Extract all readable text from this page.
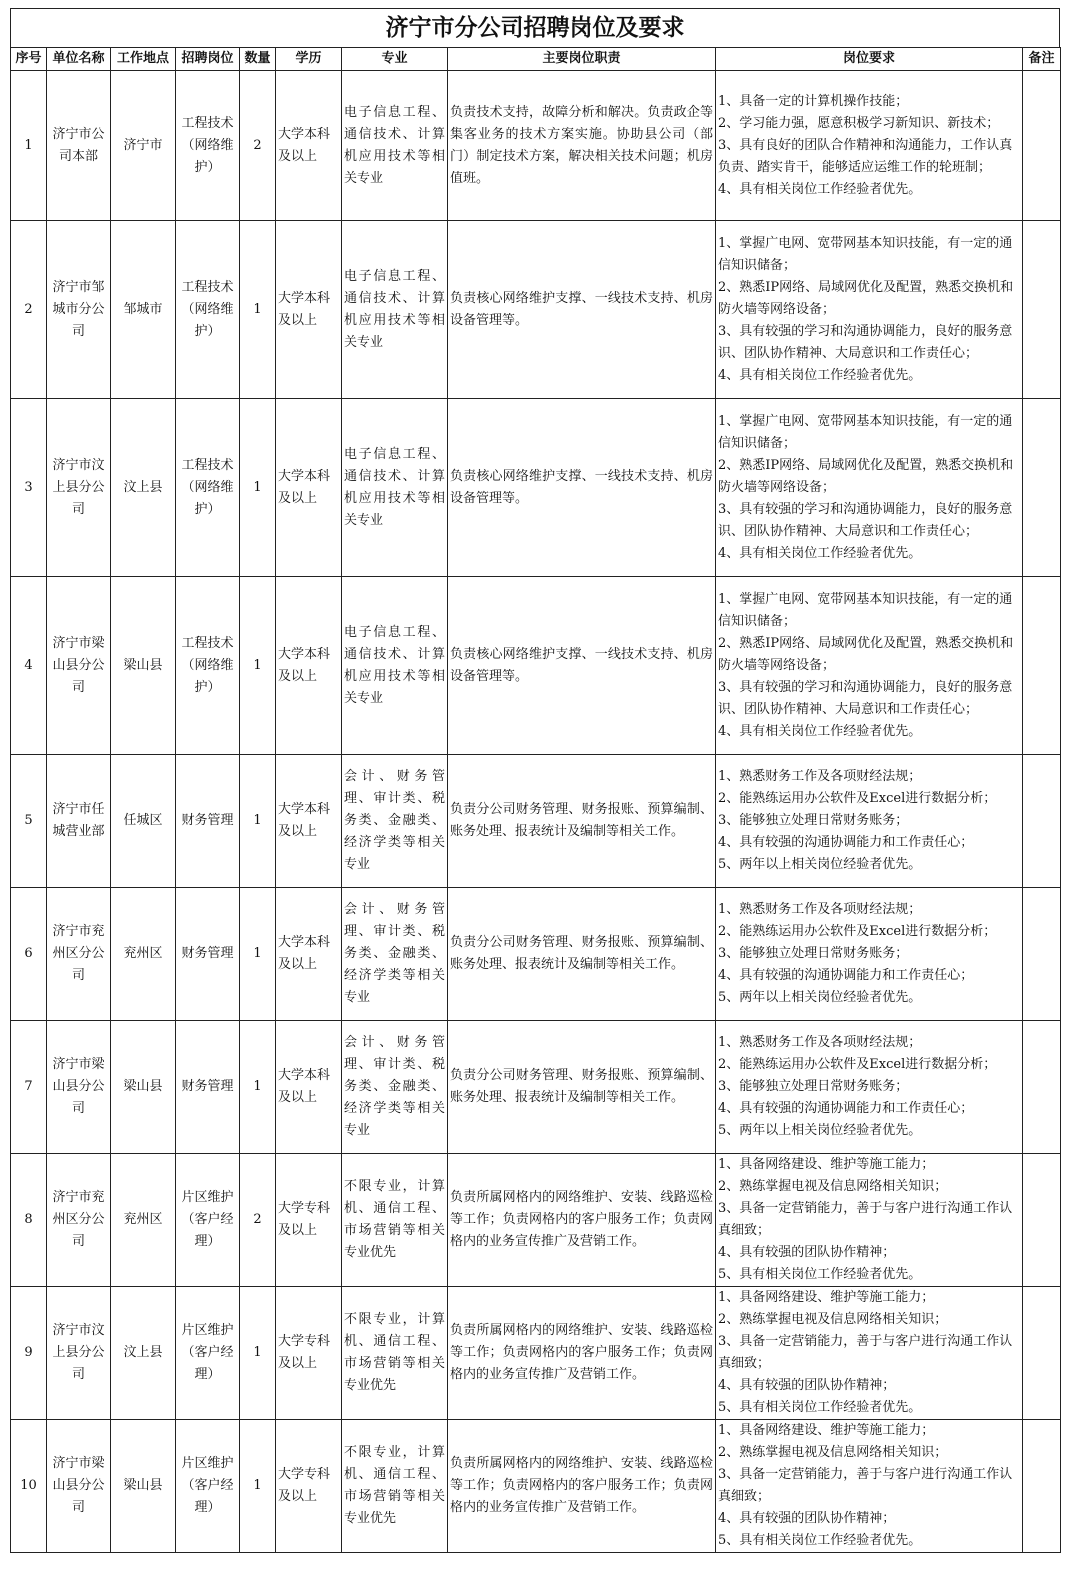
济宁市分公司招聘岗位及要求
序号	单位名称	工作地点	招聘岗位	数量	学历	专业	主要岗位职责	岗位要求	备注
1	济宁市公
司本部	济宁市	工程技术
（网络维
护）	2	大学本科
及以上	电子信息工程、通信技术、计算机应用技术等相关专业	负责技术支持，故障分析和解决。负责政企等集客业务的技术方案实施。协助县公司（部门）制定技术方案，解决相关技术问题；机房值班。	1、具备一定的计算机操作技能；
2、学习能力强，愿意积极学习新知识、新技术；
3、具有良好的团队合作精神和沟通能力，工作认真负责、踏实肯干，能够适应运维工作的轮班制；
4、具有相关岗位工作经验者优先。	

2	济宁市邹
城市分公
司	邹城市	工程技术
（网络维
护）	1	大学本科
及以上	电子信息工程、通信技术、计算机应用技术等相关专业	负责核心网络维护支撑、一线技术支持、机房设备管理等。	1、掌握广电网、宽带网基本知识技能，有一定的通信知识储备；
2、熟悉IP网络、局域网优化及配置，熟悉交换机和防火墙等网络设备；
3、具有较强的学习和沟通协调能力，良好的服务意识、团队协作精神、大局意识和工作责任心；
4、具有相关岗位工作经验者优先。	

3	济宁市汶
上县分公
司	汶上县	工程技术
（网络维
护）	1	大学本科
及以上	电子信息工程、通信技术、计算机应用技术等相关专业	负责核心网络维护支撑、一线技术支持、机房设备管理等。	1、掌握广电网、宽带网基本知识技能，有一定的通信知识储备；
2、熟悉IP网络、局域网优化及配置，熟悉交换机和防火墙等网络设备；
3、具有较强的学习和沟通协调能力，良好的服务意识、团队协作精神、大局意识和工作责任心；
4、具有相关岗位工作经验者优先。	

4	济宁市梁
山县分公
司	梁山县	工程技术
（网络维
护）	1	大学本科
及以上	电子信息工程、通信技术、计算机应用技术等相关专业	负责核心网络维护支撑、一线技术支持、机房设备管理等。	1、掌握广电网、宽带网基本知识技能，有一定的通信知识储备；
2、熟悉IP网络、局域网优化及配置，熟悉交换机和防火墙等网络设备；
3、具有较强的学习和沟通协调能力，良好的服务意识、团队协作精神、大局意识和工作责任心；
4、具有相关岗位工作经验者优先。	

5	济宁市任
城营业部	任城区	财务管理	1	大学本科
及以上	会计、财务管理、审计类、税务类、金融类、经济学类等相关专业	负责分公司财务管理、财务报账、预算编制、账务处理、报表统计及编制等相关工作。	1、熟悉财务工作及各项财经法规；
2、能熟练运用办公软件及Excel进行数据分析；
3、能够独立处理日常财务账务；
4、具有较强的沟通协调能力和工作责任心；
5、两年以上相关岗位经验者优先。	

6	济宁市兖
州区分公
司	兖州区	财务管理	1	大学本科
及以上	会计、财务管理、审计类、税务类、金融类、经济学类等相关专业	负责分公司财务管理、财务报账、预算编制、账务处理、报表统计及编制等相关工作。	1、熟悉财务工作及各项财经法规；
2、能熟练运用办公软件及Excel进行数据分析；
3、能够独立处理日常财务账务；
4、具有较强的沟通协调能力和工作责任心；
5、两年以上相关岗位经验者优先。	

7	济宁市梁
山县分公
司	梁山县	财务管理	1	大学本科
及以上	会计、财务管理、审计类、税务类、金融类、经济学类等相关专业	负责分公司财务管理、财务报账、预算编制、账务处理、报表统计及编制等相关工作。	1、熟悉财务工作及各项财经法规；
2、能熟练运用办公软件及Excel进行数据分析；
3、能够独立处理日常财务账务；
4、具有较强的沟通协调能力和工作责任心；
5、两年以上相关岗位经验者优先。	

8	济宁市兖
州区分公
司	兖州区	片区维护
（客户经
理）	2	大学专科
及以上	不限专业，计算机、通信工程、市场营销等相关专业优先	负责所属网格内的网络维护、安装、线路巡检等工作；负责网格内的客户服务工作；负责网格内的业务宣传推广及营销工作。	1、具备网络建设、维护等施工能力；
2、熟练掌握电视及信息网络相关知识；
3、具备一定营销能力，善于与客户进行沟通工作认真细致；
4、具有较强的团队协作精神；
5、具有相关岗位工作经验者优先。	

9	济宁市汶
上县分公
司	汶上县	片区维护
（客户经
理）	1	大学专科
及以上	不限专业，计算机、通信工程、市场营销等相关专业优先	负责所属网格内的网络维护、安装、线路巡检等工作；负责网格内的客户服务工作；负责网格内的业务宣传推广及营销工作。	1、具备网络建设、维护等施工能力；
2、熟练掌握电视及信息网络相关知识；
3、具备一定营销能力，善于与客户进行沟通工作认真细致；
4、具有较强的团队协作精神；
5、具有相关岗位工作经验者优先。	

10	济宁市梁
山县分公
司	梁山县	片区维护
（客户经
理）	1	大学专科
及以上	不限专业，计算机、通信工程、市场营销等相关专业优先	负责所属网格内的网络维护、安装、线路巡检等工作；负责网格内的客户服务工作；负责网格内的业务宣传推广及营销工作。	1、具备网络建设、维护等施工能力；
2、熟练掌握电视及信息网络相关知识；
3、具备一定营销能力，善于与客户进行沟通工作认真细致；
4、具有较强的团队协作精神；
5、具有相关岗位工作经验者优先。	
